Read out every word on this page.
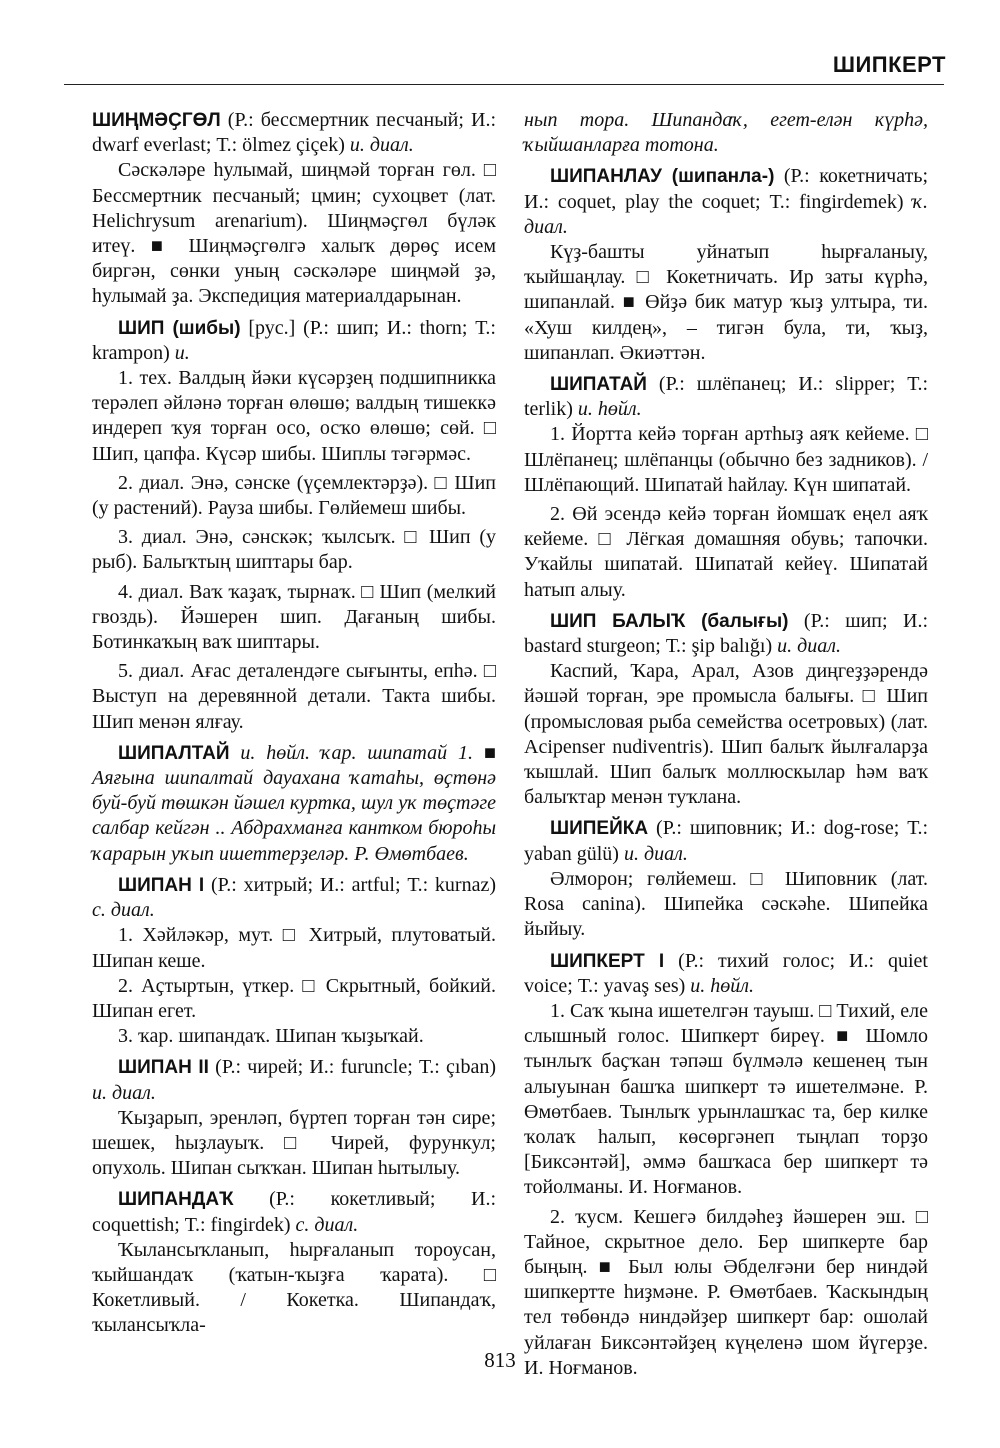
ШИПКЕРТ

ШИҢМӘҪГӨЛ (Р.: бессмертник песчаный; И.: dwarf everlast; Т.: ölmez çiçek) и. диал.

Сәскәләре һулымай, шиңмәй торған гөл. □ Бессмертник песчаный; цмин; сухоцвет (лат. Helichrysum arenarium). Шиңмәҫгөл бүләк итеү. ■ Шиңмәҫгөлгә халыҡ дөрөҫ исем биргән, сөнки уның сәскәләре шиңмәй ҙә, һулымай ҙа. Экспедиция материалдарынан.

ШИП (шибы) [рус.] (Р.: шип; И.: thorn; Т.: krampon) и.

1. тех. Валдың йәки күсәрҙең подшипникка терәлеп әйләнә торған өлөшө; валдың тишеккә индереп ҡуя торған осо, осҡо өлөшө; сөй. □ Шип, цапфа. Күсәр шибы. Шиплы тәгәрмәс.

2. диал. Энә, сәнске (үҫемлектәрҙә). □ Шип (у растений). Рауза шибы. Гөлйемеш шибы.

3. диал. Энә, сәнскәк; ҡылсыҡ. □ Шип (у рыб). Балыҡтың шиптары бар.

4. диал. Ваҡ ҡаҙаҡ, тырнаҡ. □ Шип (мелкий гвоздь). Йәшерен шип. Дағаның шибы. Ботинкаҡың ваҡ шиптары.

5. диал. Ағас деталендәге сығынты, епһә. □ Выступ на деревянной детали. Такта шибы. Шип менән ялғау.

ШИПАЛТАЙ и. һөйл. ҡар. шипатай 1. ■ Аяғына шипалтай дауахана ҡатаһы, өҫтөнә буй-буй төшкән йәшел куртка, шул уҡ төҫтәге салбар кейгән .. Абдрахманға кантком бюроһы ҡарарын уҡып ишеттерҙеләр. Р. Өмөтбаев.

ШИПАН I (Р.: хитрый; И.: artful; Т.: kurnaz) с. диал.

1. Хәйләкәр, мут. □ Хитрый, плутоватый. Шипан кеше.

2. Аҫтыртын, үткер. □ Скрытный, бойкий. Шипан егет.

3. ҡар. шипандаҡ. Шипан ҡыҙыҡай.

ШИПАН II (Р.: чирей; И.: furuncle; Т.: çıban) и. диал.

Ҡыҙарып, эренләп, бүртеп торған тән сире; шешек, һыҙлауыҡ. □ Чирей, фурункул; опухоль. Шипан сыҡҡан. Шипан һытылыу.

ШИПАНДАҠ (Р.: кокетливый; И.: coquettish; Т.: fingirdek) с. диал.

Ҡылансыҡланып, һырғаланып тороусан, ҡыйшандаҡ (ҡатын-ҡыҙға ҡарата). □ Кокетливый. / Кокетка. Шипандаҡ, ҡылансыҡла-

нып тора. Шипандаҡ, егет-елән күрһә, ҡыйшанларға тотона.

ШИПАНЛАУ (шипанла-) (Р.: кокетничать; И.: coquet, play the coquet; Т.: fingirdemek) ҡ. диал.

Күҙ-башты уйнатып һырғаланыу, ҡыйшаңлау. □ Кокетничать. Ир заты күрһә, шипанлай. ■ Өйҙә бик матур ҡыҙ ултыра, ти. «Хуш килдең», – тигән була, ти, ҡыҙ, шипанлап. Әкиәттән.

ШИПАТАЙ (Р.: шлёпанец; И.: slipper; Т.: terlik) и. һөйл.

1. Йортта кейә торған артһыҙ аяҡ кейеме. □ Шлёпанец; шлёпанцы (обычно без задников). / Шлёпающий. Шипатай һайлау. Күн шипатай.

2. Өй эсендә кейә торған йомшаҡ еңел аяҡ кейеме. □ Лёгкая домашняя обувь; тапочки. Уҡайлы шипатай. Шипатай кейеү. Шипатай һатып алыу.

ШИП БАЛЫҠ (балығы) (Р.: шип; И.: bastard sturgeon; Т.: şip balığı) и. диал.

Каспий, Ҡара, Арал, Азов диңгеҙҙәрендә йәшәй торған, эре промысла балығы. □ Шип (промысловая рыба семейства осетровых) (лат. Acipenser nudiventris). Шип балыҡ йылғаларҙа ҡышлай. Шип балыҡ моллюскылар һәм ваҡ балыҡтар менән туҡлана.

ШИПЕЙКА (Р.: шиповник; И.: dog-rose; Т.: yaban gülü) и. диал.

Әлморон; гөлйемеш. □ Шиповник (лат. Rosa canina). Шипейка сәскәһе. Шипейка йыйыу.

ШИПКЕРТ I (Р.: тихий голос; И.: quiet voice; Т.: yavaş ses) и. һөйл.

1. Саҡ ҡына ишетелгән тауыш. □ Тихий, еле слышный голос. Шипкерт биреү. ■ Шомло тынлыҡ баҫҡан тәпәш бүлмәлә кешенең тын алыуынан башҡа шипкерт тә ишетелмәне. Р. Өмөтбаев. Тынлыҡ урынлашҡас та, бер килке ҡолаҡ һалып, көсөргәнеп тыңлап торҙо [Биксәнтәй], әммә башҡаса бер шипкерт тә тойолманы. И. Ноғманов.

2. ҡусм. Кешегә билдәһеҙ йәшерен эш. □ Тайное, скрытное дело. Бер шипкерте бар быңың. ■ Был юлы Әбделғәни бер ниндәй шипкертте һиҙмәне. Р. Өмөтбаев. Ҡаскындың тел төбөндә ниндәйҙер шипкерт бар: ошолай уйлаған Биксәнтәйҙең күңеленә шом йүгерҙе. И. Ноғманов.

813
